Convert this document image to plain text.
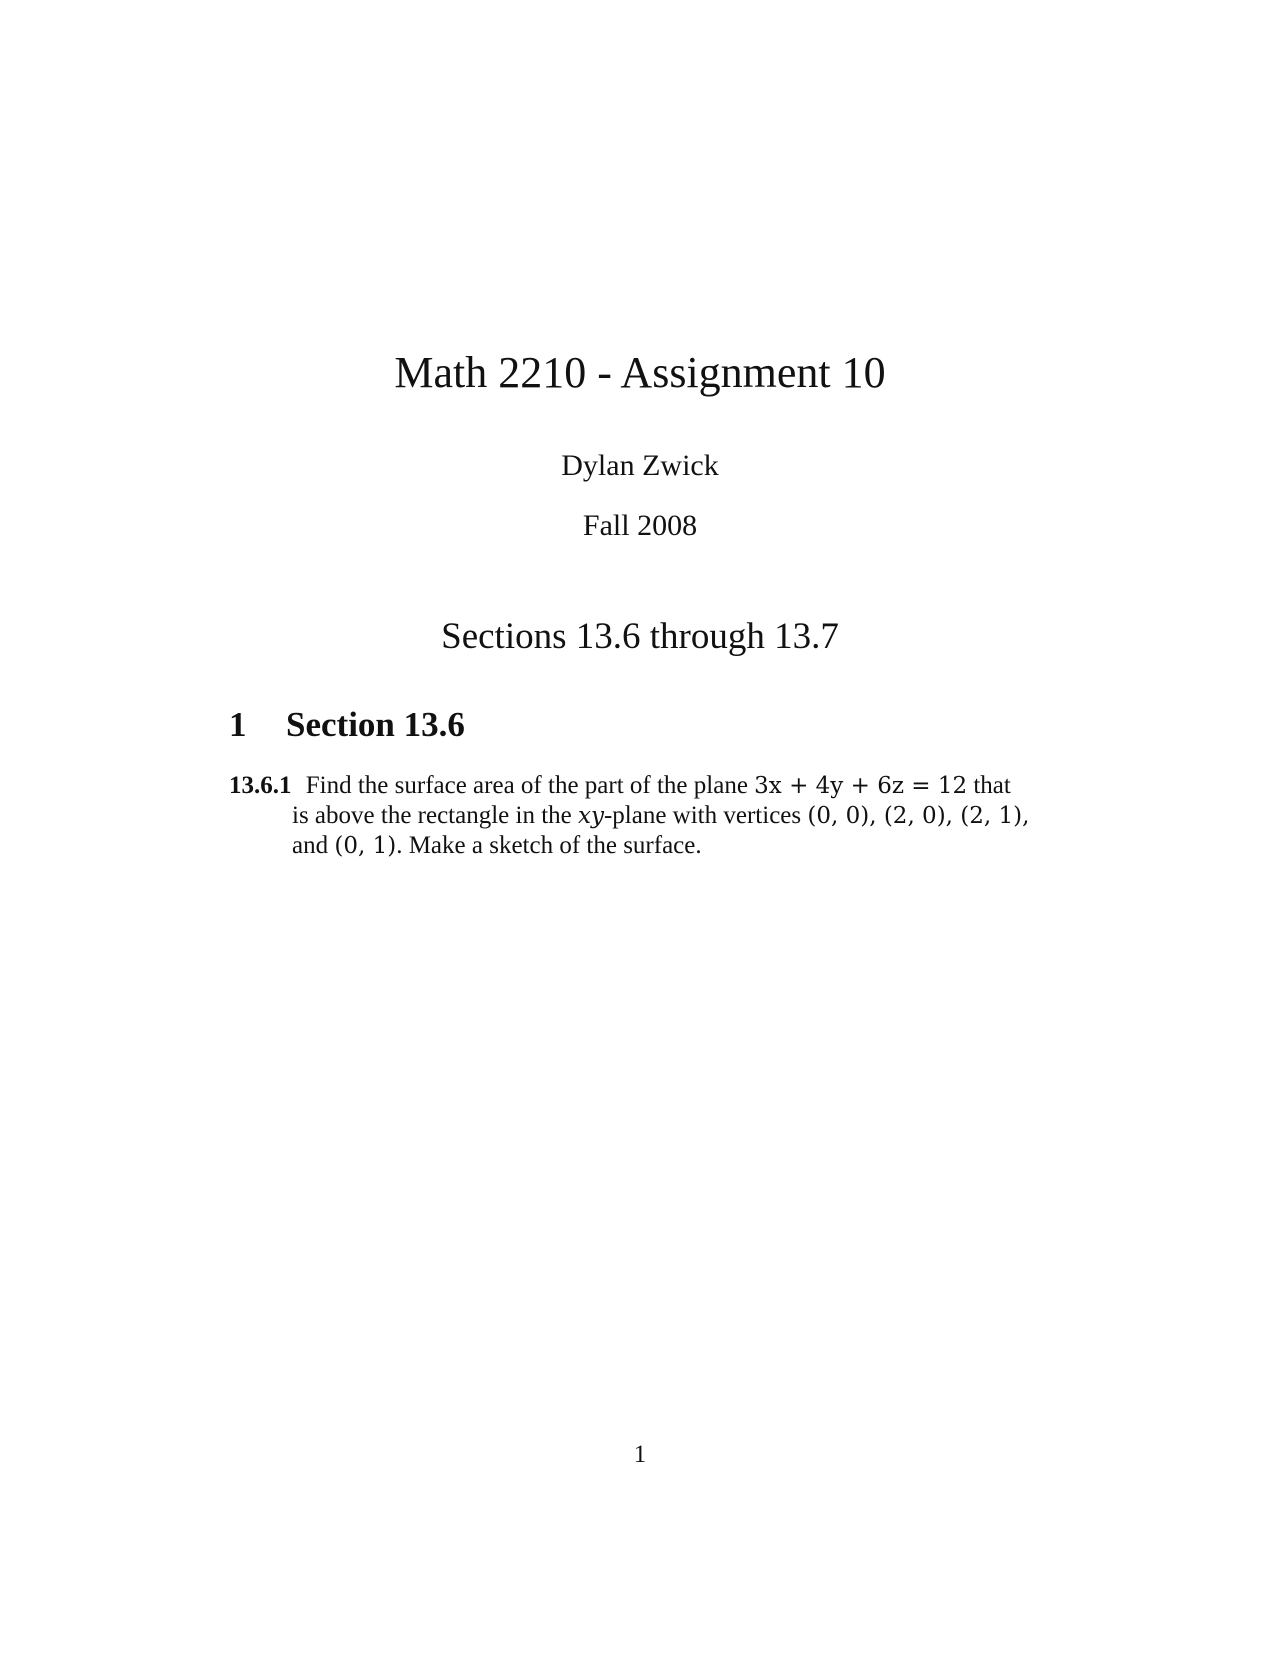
Math 2210 - Assignment 10
Dylan Zwick
Fall 2008
Sections 13.6 through 13.7
1 Section 13.6
13.6.1 Find the surface area of the part of the plane 3x + 4y + 6z = 12 that
is above the rectangle in the xy-plane with vertices (0, 0), (2, 0), (2, 1),
and (0, 1). Make a sketch of the surface.
1
